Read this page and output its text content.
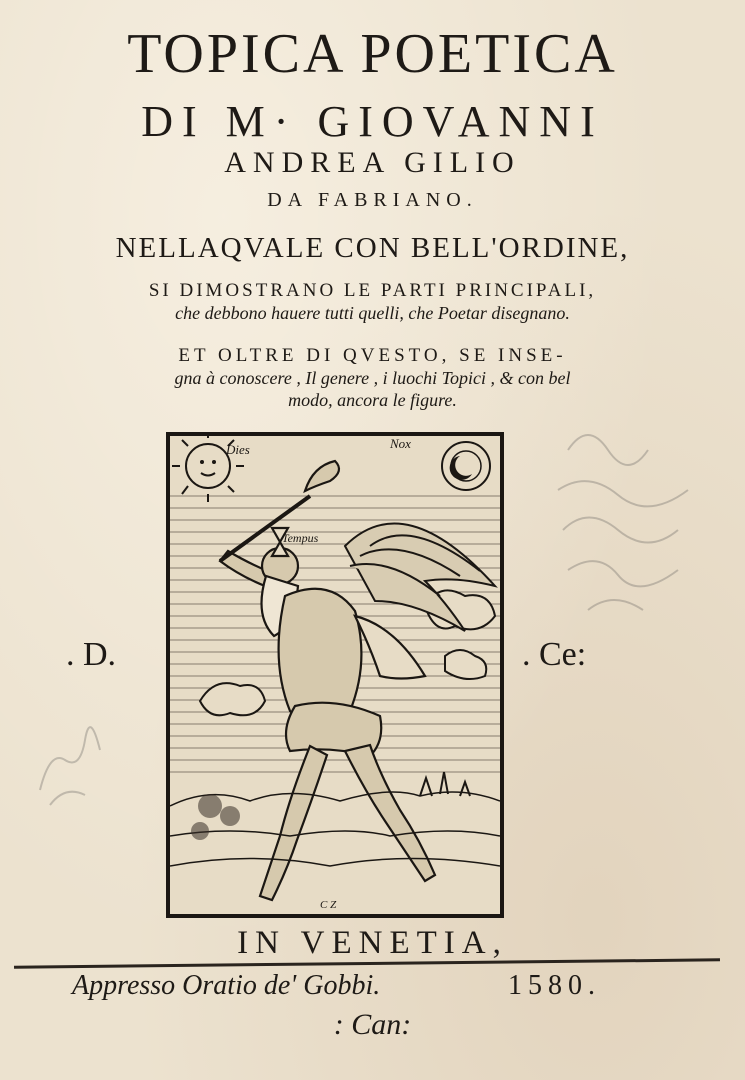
TOPICA POETICA
DI M· GIOVANNI
ANDREA GILIO
DA FABRIANO.
NELLAQVALE CON BELL'ORDINE,
SI DIMOSTRANO LE PARTI PRINCIPALI,
che debbono hauere tutti quelli, che Poetar disegnano.
ET OLTRE DI QVESTO, SE INSE-
gna à conoscere , Il genere , i luochi Topici , & con bel
modo, ancora le figure.
. D.	. Ce:
Dies	Nox
Tempus
C Z
IN VENETIA,
Appresso Oratio de' Gobbi.	1580.
: Can:
